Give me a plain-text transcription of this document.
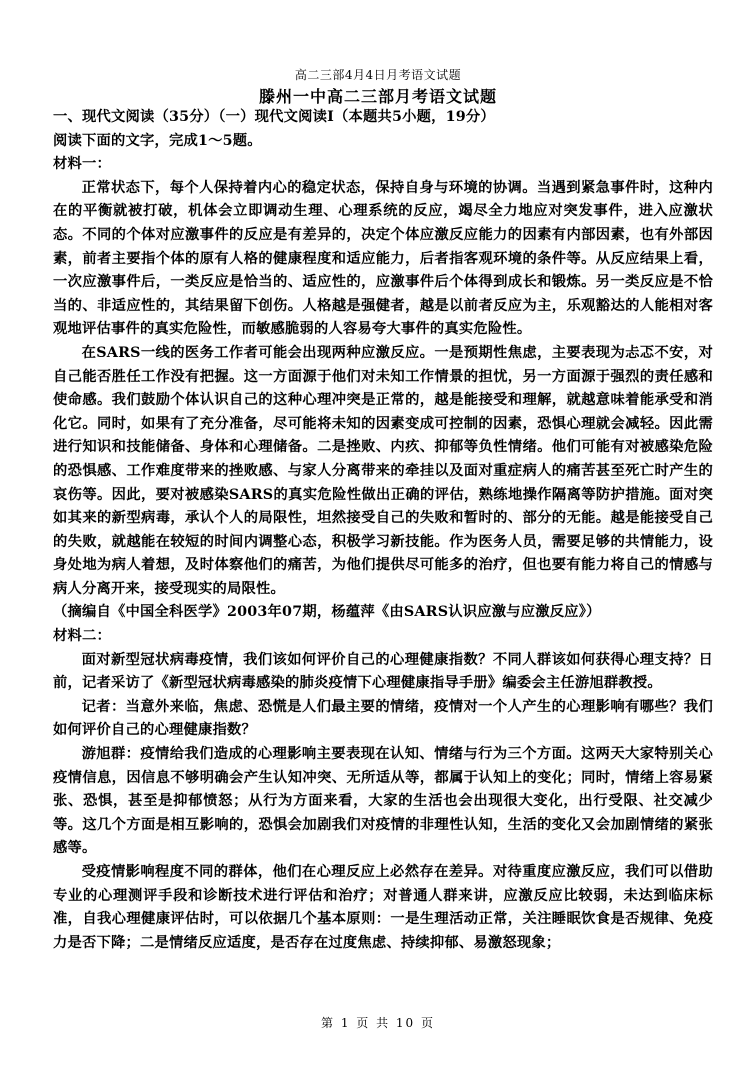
高二三部4月4日月考语文试题
滕州一中高二三部月考语文试题

一、现代文阅读（35分）（一）现代文阅读Ⅰ（本题共5小题，19分）

阅读下面的文字，完成1～5题。

材料一：

正常状态下，每个人保持着内心的稳定状态，保持自身与环境的协调。当遇到紧急事件时，这种内在的平衡就被打破，机体会立即调动生理、心理系统的反应，竭尽全力地应对突发事件，进入应激状态。不同的个体对应激事件的反应是有差异的，决定个体应激反应能力的因素有内部因素，也有外部因素，前者主要指个体的原有人格的健康程度和适应能力，后者指客观环境的条件等。从反应结果上看，一次应激事件后，一类反应是恰当的、适应性的，应激事件后个体得到成长和锻炼。另一类反应是不恰当的、非适应性的，其结果留下创伤。人格越是强健者，越是以前者反应为主，乐观豁达的人能相对客观地评估事件的真实危险性，而敏感脆弱的人容易夸大事件的真实危险性。

在SARS一线的医务工作者可能会出现两种应激反应。一是预期性焦虑，主要表现为忐忑不安，对自己能否胜任工作没有把握。这一方面源于他们对未知工作情景的担忧，另一方面源于强烈的责任感和使命感。我们鼓励个体认识自己的这种心理冲突是正常的，越是能接受和理解，就越意味着能承受和消化它。同时，如果有了充分准备，尽可能将未知的因素变成可控制的因素，恐惧心理就会减轻。因此需进行知识和技能储备、身体和心理储备。二是挫败、内疚、抑郁等负性情绪。他们可能有对被感染危险的恐惧感、工作难度带来的挫败感、与家人分离带来的牵挂以及面对重症病人的痛苦甚至死亡时产生的哀伤等。因此，要对被感染SARS的真实危险性做出正确的评估，熟练地操作隔离等防护措施。面对突如其来的新型病毒，承认个人的局限性，坦然接受自己的失败和暂时的、部分的无能。越是能接受自己的失败，就越能在较短的时间内调整心态，积极学习新技能。作为医务人员，需要足够的共情能力，设身处地为病人着想，及时体察他们的痛苦，为他们提供尽可能多的治疗，但也要有能力将自己的情感与病人分离开来，接受现实的局限性。

（摘编自《中国全科医学》2003年07期，杨蕴萍《由SARS认识应激与应激反应》）

材料二：

面对新型冠状病毒疫情，我们该如何评价自己的心理健康指数？不同人群该如何获得心理支持？日前，记者采访了《新型冠状病毒感染的肺炎疫情下心理健康指导手册》编委会主任游旭群教授。

记者：当意外来临，焦虑、恐慌是人们最主要的情绪，疫情对一个人产生的心理影响有哪些？我们如何评价自己的心理健康指数？

游旭群：疫情给我们造成的心理影响主要表现在认知、情绪与行为三个方面。这两天大家特别关心疫情信息，因信息不够明确会产生认知冲突、无所适从等，都属于认知上的变化；同时，情绪上容易紧张、恐惧，甚至是抑郁愤怒；从行为方面来看，大家的生活也会出现很大变化，出行受限、社交减少等。这几个方面是相互影响的，恐惧会加剧我们对疫情的非理性认知，生活的变化又会加剧情绪的紧张感等。

受疫情影响程度不同的群体，他们在心理反应上必然存在差异。对待重度应激反应，我们可以借助专业的心理测评手段和诊断技术进行评估和治疗；对普通人群来讲，应激反应比较弱，未达到临床标准，自我心理健康评估时，可以依据几个基本原则：一是生理活动正常，关注睡眠饮食是否规律、免疫力是否下降；二是情绪反应适度，是否存在过度焦虑、持续抑郁、易激怒现象；

第 1 页 共 10 页
